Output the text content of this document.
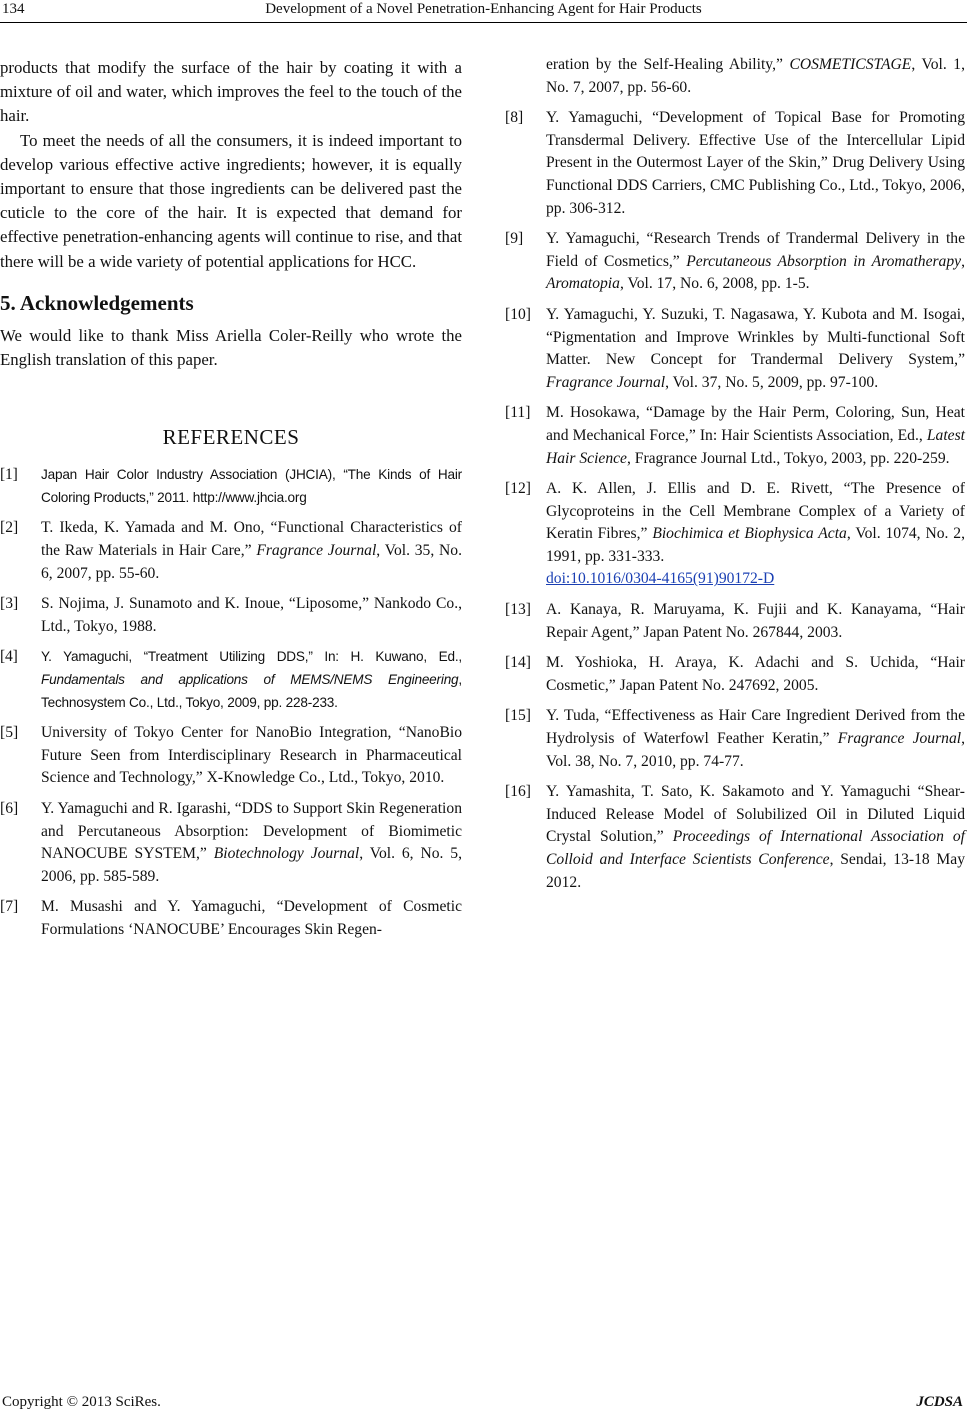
134	Development of a Novel Penetration-Enhancing Agent for Hair Products

products that modify the surface of the hair by coating it with a mixture of oil and water, which improves the feel to the touch of the hair.

To meet the needs of all the consumers, it is indeed important to develop various effective active ingredients; however, it is equally important to ensure that those ingredients can be delivered past the cuticle to the core of the hair. It is expected that demand for effective penetration-enhancing agents will continue to rise, and that there will be a wide variety of potential applications for HCC.

5. Acknowledgements

We would like to thank Miss Ariella Coler-Reilly who wrote the English translation of this paper.

REFERENCES
[1] Japan Hair Color Industry Association (JHCIA), “The Kinds of Hair Coloring Products,” 2011. http://www.jhcia.org
[2] T. Ikeda, K. Yamada and M. Ono, “Functional Characteristics of the Raw Materials in Hair Care,” Fragrance Journal, Vol. 35, No. 6, 2007, pp. 55-60.
[3] S. Nojima, J. Sunamoto and K. Inoue, “Liposome,” Nankodo Co., Ltd., Tokyo, 1988.
[4] Y. Yamaguchi, “Treatment Utilizing DDS,” In: H. Kuwano, Ed., Fundamentals and applications of MEMS/NEMS Engineering, Technosystem Co., Ltd., Tokyo, 2009, pp. 228-233.
[5] University of Tokyo Center for NanoBio Integration, “NanoBio Future Seen from Interdisciplinary Research in Pharmaceutical Science and Technology,” X-Knowledge Co., Ltd., Tokyo, 2010.
[6] Y. Yamaguchi and R. Igarashi, “DDS to Support Skin Regeneration and Percutaneous Absorption: Development of Biomimetic NANOCUBE SYSTEM,” Biotechnology Journal, Vol. 6, No. 5, 2006, pp. 585-589.
[7] M. Musashi and Y. Yamaguchi, “Development of Cosmetic Formulations ‘NANOCUBE’ Encourages Skin Regen-
eration by the Self-Healing Ability,” COSMETICSTAGE, Vol. 1, No. 7, 2007, pp. 56-60.
[8] Y. Yamaguchi, “Development of Topical Base for Promoting Transdermal Delivery. Effective Use of the Intercellular Lipid Present in the Outermost Layer of the Skin,” Drug Delivery Using Functional DDS Carriers, CMC Publishing Co., Ltd., Tokyo, 2006, pp. 306-312.
[9] Y. Yamaguchi, “Research Trends of Trandermal Delivery in the Field of Cosmetics,” Percutaneous Absorption in Aromatherapy, Aromatopia, Vol. 17, No. 6, 2008, pp. 1-5.
[10] Y. Yamaguchi, Y. Suzuki, T. Nagasawa, Y. Kubota and M. Isogai, “Pigmentation and Improve Wrinkles by Multi-functional Soft Matter. New Concept for Trandermal Delivery System,” Fragrance Journal, Vol. 37, No. 5, 2009, pp. 97-100.
[11] M. Hosokawa, “Damage by the Hair Perm, Coloring, Sun, Heat and Mechanical Force,” In: Hair Scientists Association, Ed., Latest Hair Science, Fragrance Journal Ltd., Tokyo, 2003, pp. 220-259.
[12] A. K. Allen, J. Ellis and D. E. Rivett, “The Presence of Glycoproteins in the Cell Membrane Complex of a Variety of Keratin Fibres,” Biochimica et Biophysica Acta, Vol. 1074, No. 2, 1991, pp. 331-333.
doi:10.1016/0304-4165(91)90172-D
[13] A. Kanaya, R. Maruyama, K. Fujii and K. Kanayama, “Hair Repair Agent,” Japan Patent No. 267844, 2003.
[14] M. Yoshioka, H. Araya, K. Adachi and S. Uchida, “Hair Cosmetic,” Japan Patent No. 247692, 2005.
[15] Y. Tuda, “Effectiveness as Hair Care Ingredient Derived from the Hydrolysis of Waterfowl Feather Keratin,” Fragrance Journal, Vol. 38, No. 7, 2010, pp. 74-77.
[16] Y. Yamashita, T. Sato, K. Sakamoto and Y. Yamaguchi “Shear-Induced Release Model of Solubilized Oil in Diluted Liquid Crystal Solution,” Proceedings of International Association of Colloid and Interface Scientists Conference, Sendai, 13-18 May 2012.
Copyright © 2013 SciRes.	JCDSA
